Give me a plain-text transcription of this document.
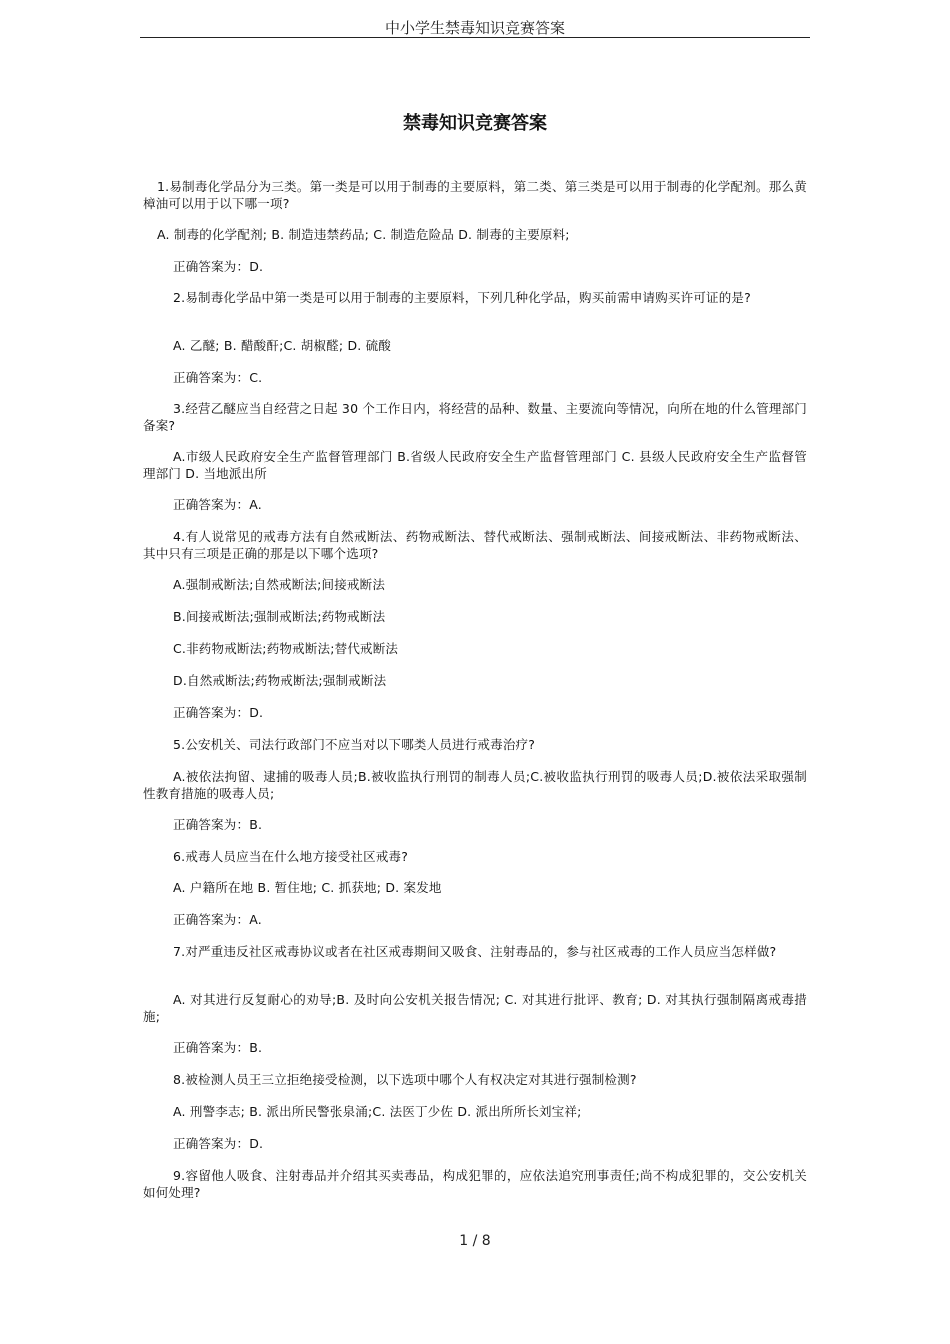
中小学生禁毒知识竞赛答案
禁毒知识竞赛答案
1.易制毒化学品分为三类。第一类是可以用于制毒的主要原料，第二类、第三类是可以用于制毒的化学配剂。那么黄樟油可以用于以下哪一项?
A. 制毒的化学配剂; B. 制造违禁药品; C. 制造危险品 D. 制毒的主要原料;
正确答案为：D.
2.易制毒化学品中第一类是可以用于制毒的主要原料，下列几种化学品，购买前需申请购买许可证的是?
A. 乙醚; B. 醋酸酐;C. 胡椒醛; D. 硫酸
正确答案为：C.
3.经营乙醚应当自经营之日起 30 个工作日内，将经营的品种、数量、主要流向等情况，向所在地的什么管理部门备案?
A.市级人民政府安全生产监督管理部门 B.省级人民政府安全生产监督管理部门 C. 县级人民政府安全生产监督管理部门 D. 当地派出所
正确答案为：A.
4.有人说常见的戒毒方法有自然戒断法、药物戒断法、替代戒断法、强制戒断法、间接戒断法、非药物戒断法、其中只有三项是正确的那是以下哪个选项?
A.强制戒断法;自然戒断法;间接戒断法
B.间接戒断法;强制戒断法;药物戒断法
C.非药物戒断法;药物戒断法;替代戒断法
D.自然戒断法;药物戒断法;强制戒断法
正确答案为：D.
5.公安机关、司法行政部门不应当对以下哪类人员进行戒毒治疗?
A.被依法拘留、逮捕的吸毒人员;B.被收监执行刑罚的制毒人员;C.被收监执行刑罚的吸毒人员;D.被依法采取强制性教育措施的吸毒人员;
正确答案为：B.
6.戒毒人员应当在什么地方接受社区戒毒?
A. 户籍所在地 B. 暂住地; C. 抓获地; D. 案发地
正确答案为：A.
7.对严重违反社区戒毒协议或者在社区戒毒期间又吸食、注射毒品的，参与社区戒毒的工作人员应当怎样做?
A. 对其进行反复耐心的劝导;B. 及时向公安机关报告情况; C. 对其进行批评、教育; D. 对其执行强制隔离戒毒措施;
正确答案为：B.
8.被检测人员王三立拒绝接受检测，以下选项中哪个人有权决定对其进行强制检测?
A. 刑警李志; B. 派出所民警张泉涌;C. 法医丁少佐 D. 派出所所长刘宝祥;
正确答案为：D.
9.容留他人吸食、注射毒品并介绍其买卖毒品，构成犯罪的，应依法追究刑事责任;尚不构成犯罪的，交公安机关如何处理?
1 / 8
